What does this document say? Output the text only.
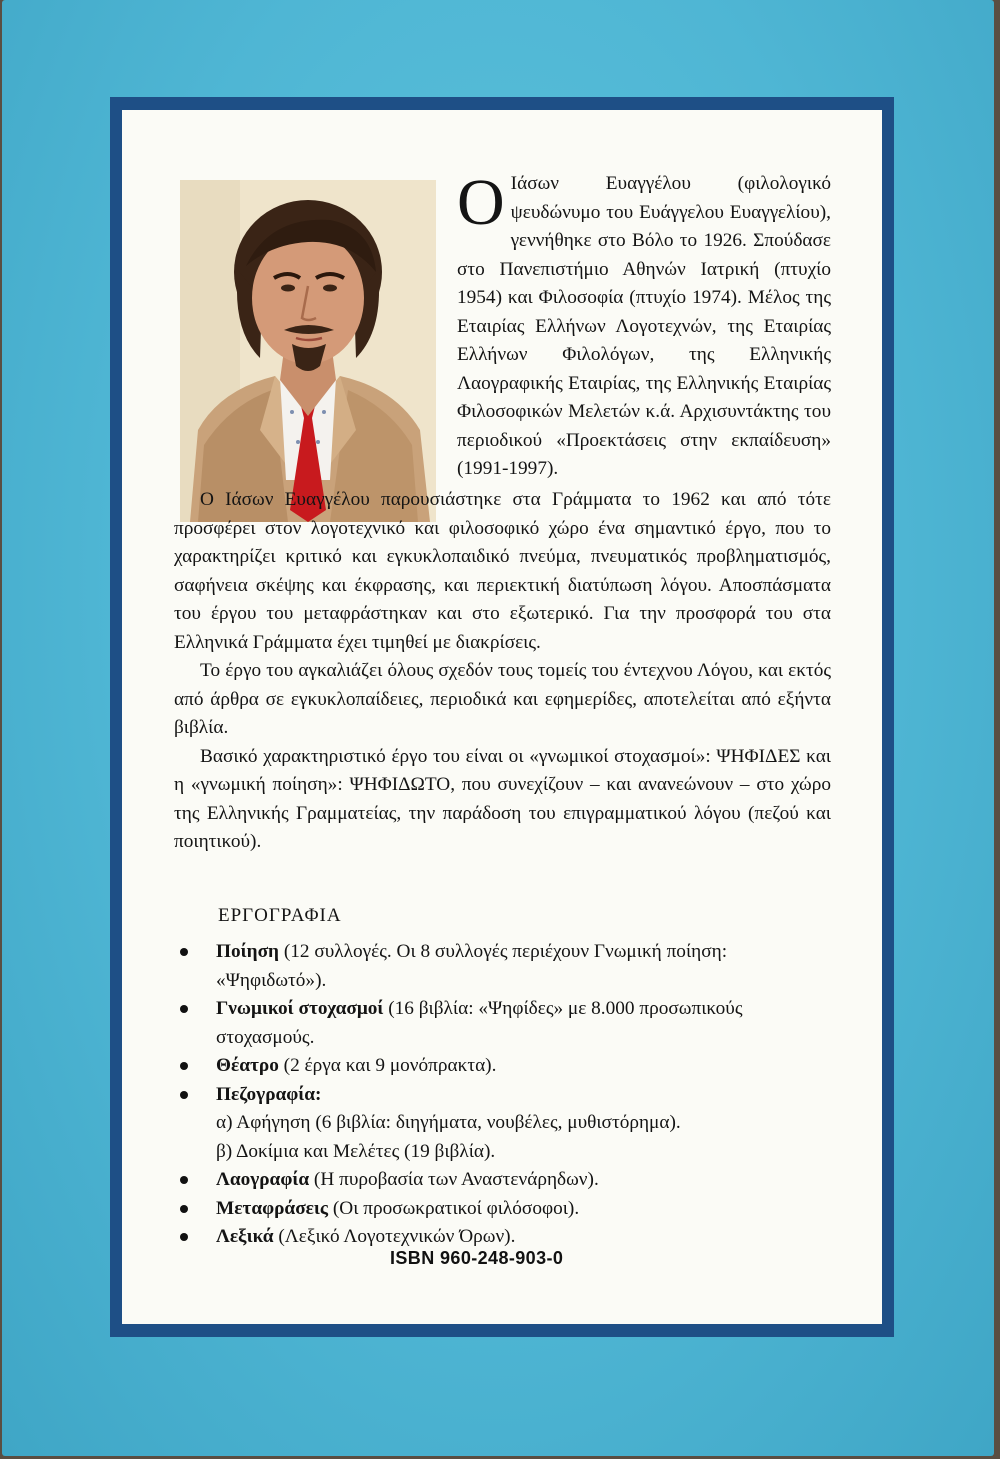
Ο Ιάσων Ευαγγέλου (φιλολογικό ψευδώνυμο του Ευάγγελου Ευαγγελίου), γεννήθηκε στο Βόλο το 1926. Σπούδασε στο Πανεπιστήμιο Αθηνών Ιατρική (πτυχίο 1954) και Φιλοσοφία (πτυχίο 1974). Μέλος της Εταιρίας Ελλήνων Λογοτεχνών, της Εταιρίας Ελλήνων Φιλολόγων, της Ελληνικής Λαογραφικής Εταιρίας, της Ελληνικής Εταιρίας Φιλοσοφικών Μελετών κ.ά. Αρχισυντάκτης του περιοδικού «Προεκτάσεις στην εκπαίδευση» (1991-1997).

Ο Ιάσων Ευαγγέλου παρουσιάστηκε στα Γράμματα το 1962 και από τότε προσφέρει στον λογοτεχνικό και φιλοσοφικό χώρο ένα σημαντικό έργο, που το χαρακτηρίζει κριτικό και εγκυκλοπαιδικό πνεύμα, πνευματικός προβληματισμός, σαφήνεια σκέψης και έκφρασης, και περιεκτική διατύπωση λόγου. Αποσπάσματα του έργου του μεταφράστηκαν και στο εξωτερικό. Για την προσφορά του στα Ελληνικά Γράμματα έχει τιμηθεί με διακρίσεις.

Το έργο του αγκαλιάζει όλους σχεδόν τους τομείς του έντεχνου Λόγου, και εκτός από άρθρα σε εγκυκλοπαίδειες, περιοδικά και εφημερίδες, αποτελείται από εξήντα βιβλία.

Βασικό χαρακτηριστικό έργο του είναι οι «γνωμικοί στοχασμοί»: ΨΗΦΙΔΕΣ και η «γνωμική ποίηση»: ΨΗΦΙΔΩΤΟ, που συνεχίζουν – και ανανεώνουν – στο χώρο της Ελληνικής Γραμματείας, την παράδοση του επιγραμματικού λόγου (πεζού και ποιητικού).

ΕΡΓΟΓΡΑΦΙΑ
Ποίηση (12 συλλογές. Οι 8 συλλογές περιέχουν Γνωμική ποίηση: «Ψηφιδωτό»).
Γνωμικοί στοχασμοί (16 βιβλία: «Ψηφίδες» με 8.000 προσωπικούς στοχασμούς.
Θέατρο (2 έργα και 9 μονόπρακτα).
Πεζογραφία:
α) Αφήγηση (6 βιβλία: διηγήματα, νουβέλες, μυθιστόρημα).
β) Δοκίμια και Μελέτες (19 βιβλία).
Λαογραφία (Η πυροβασία των Αναστενάρηδων).
Μεταφράσεις (Οι προσωκρατικοί φιλόσοφοι).
Λεξικά (Λεξικό Λογοτεχνικών Όρων).
ISBN 960-248-903-0
